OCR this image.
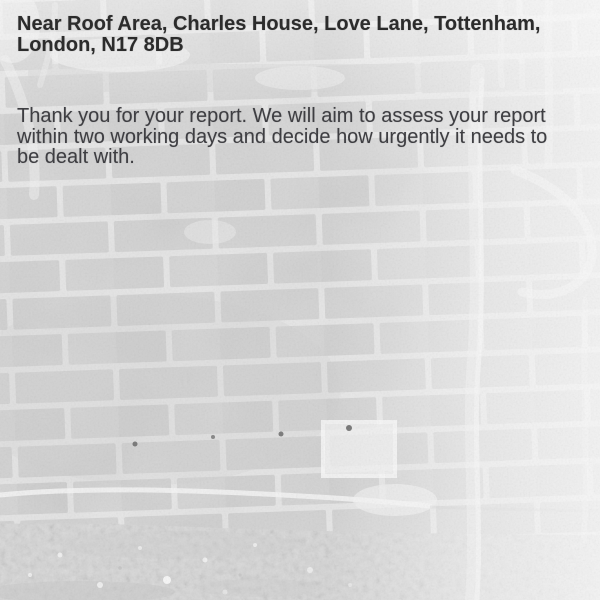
Near Roof Area, Charles House, Love Lane, Tottenham, London, N17 8DB
Thank you for your report. We will aim to assess your report within two working days and decide how urgently it needs to be dealt with.
